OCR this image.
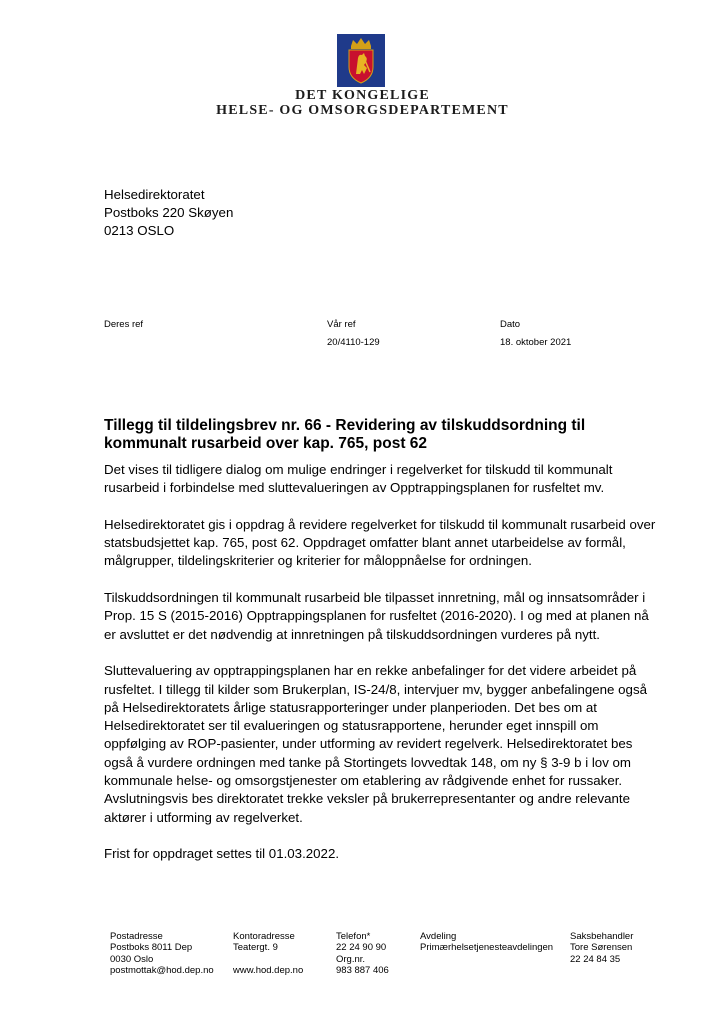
DET KONGELIGE
HELSE- OG OMSORGSDEPARTEMENT
Helsedirektoratet
Postboks 220 Skøyen
0213 OSLO
Deres ref	Vår ref
20/4110-129
Dato
18. oktober 2021
Tillegg til tildelingsbrev nr. 66 - Revidering av tilskuddsordning til kommunalt rusarbeid over kap. 765, post 62

Det vises til tidligere dialog om mulige endringer i regelverket for tilskudd til kommunalt rusarbeid i forbindelse med sluttevalueringen av Opptrappingsplanen for rusfeltet mv.

Helsedirektoratet gis i oppdrag å revidere regelverket for tilskudd til kommunalt rusarbeid over statsbudsjettet kap. 765, post 62. Oppdraget omfatter blant annet utarbeidelse av formål, målgrupper, tildelingskriterier og kriterier for måloppnåelse for ordningen.

Tilskuddsordningen til kommunalt rusarbeid ble tilpasset innretning, mål og innsatsområder i Prop. 15 S (2015-2016) Opptrappingsplanen for rusfeltet (2016-2020). I og med at planen nå er avsluttet er det nødvendig at innretningen på tilskuddsordningen vurderes på nytt.

Sluttevaluering av opptrappingsplanen har en rekke anbefalinger for det videre arbeidet på rusfeltet. I tillegg til kilder som Brukerplan, IS-24/8, intervjuer mv, bygger anbefalingene også på Helsedirektoratets årlige statusrapporteringer under planperioden. Det bes om at Helsedirektoratet ser til evalueringen og statusrapportene, herunder eget innspill om oppfølging av ROP-pasienter, under utforming av revidert regelverk. Helsedirektoratet bes også å vurdere ordningen med tanke på Stortingets lovvedtak 148, om ny § 3-9 b i lov om kommunale helse- og omsorgstjenester om etablering av rådgivende enhet for russaker. Avslutningsvis bes direktoratet trekke veksler på brukerrepresentanter og andre relevante aktører i utforming av regelverket.

Frist for oppdraget settes til 01.03.2022.

Postadresse
Postboks 8011 Dep
0030 Oslo
postmottak@hod.dep.no
Kontoradresse
Teatergt. 9
www.hod.dep.no
Telefon*
22 24 90 90
Org.nr.
983 887 406
Avdeling
Primærhelsetjenesteavdelingen
Saksbehandler
Tore Sørensen
22 24 84 35
